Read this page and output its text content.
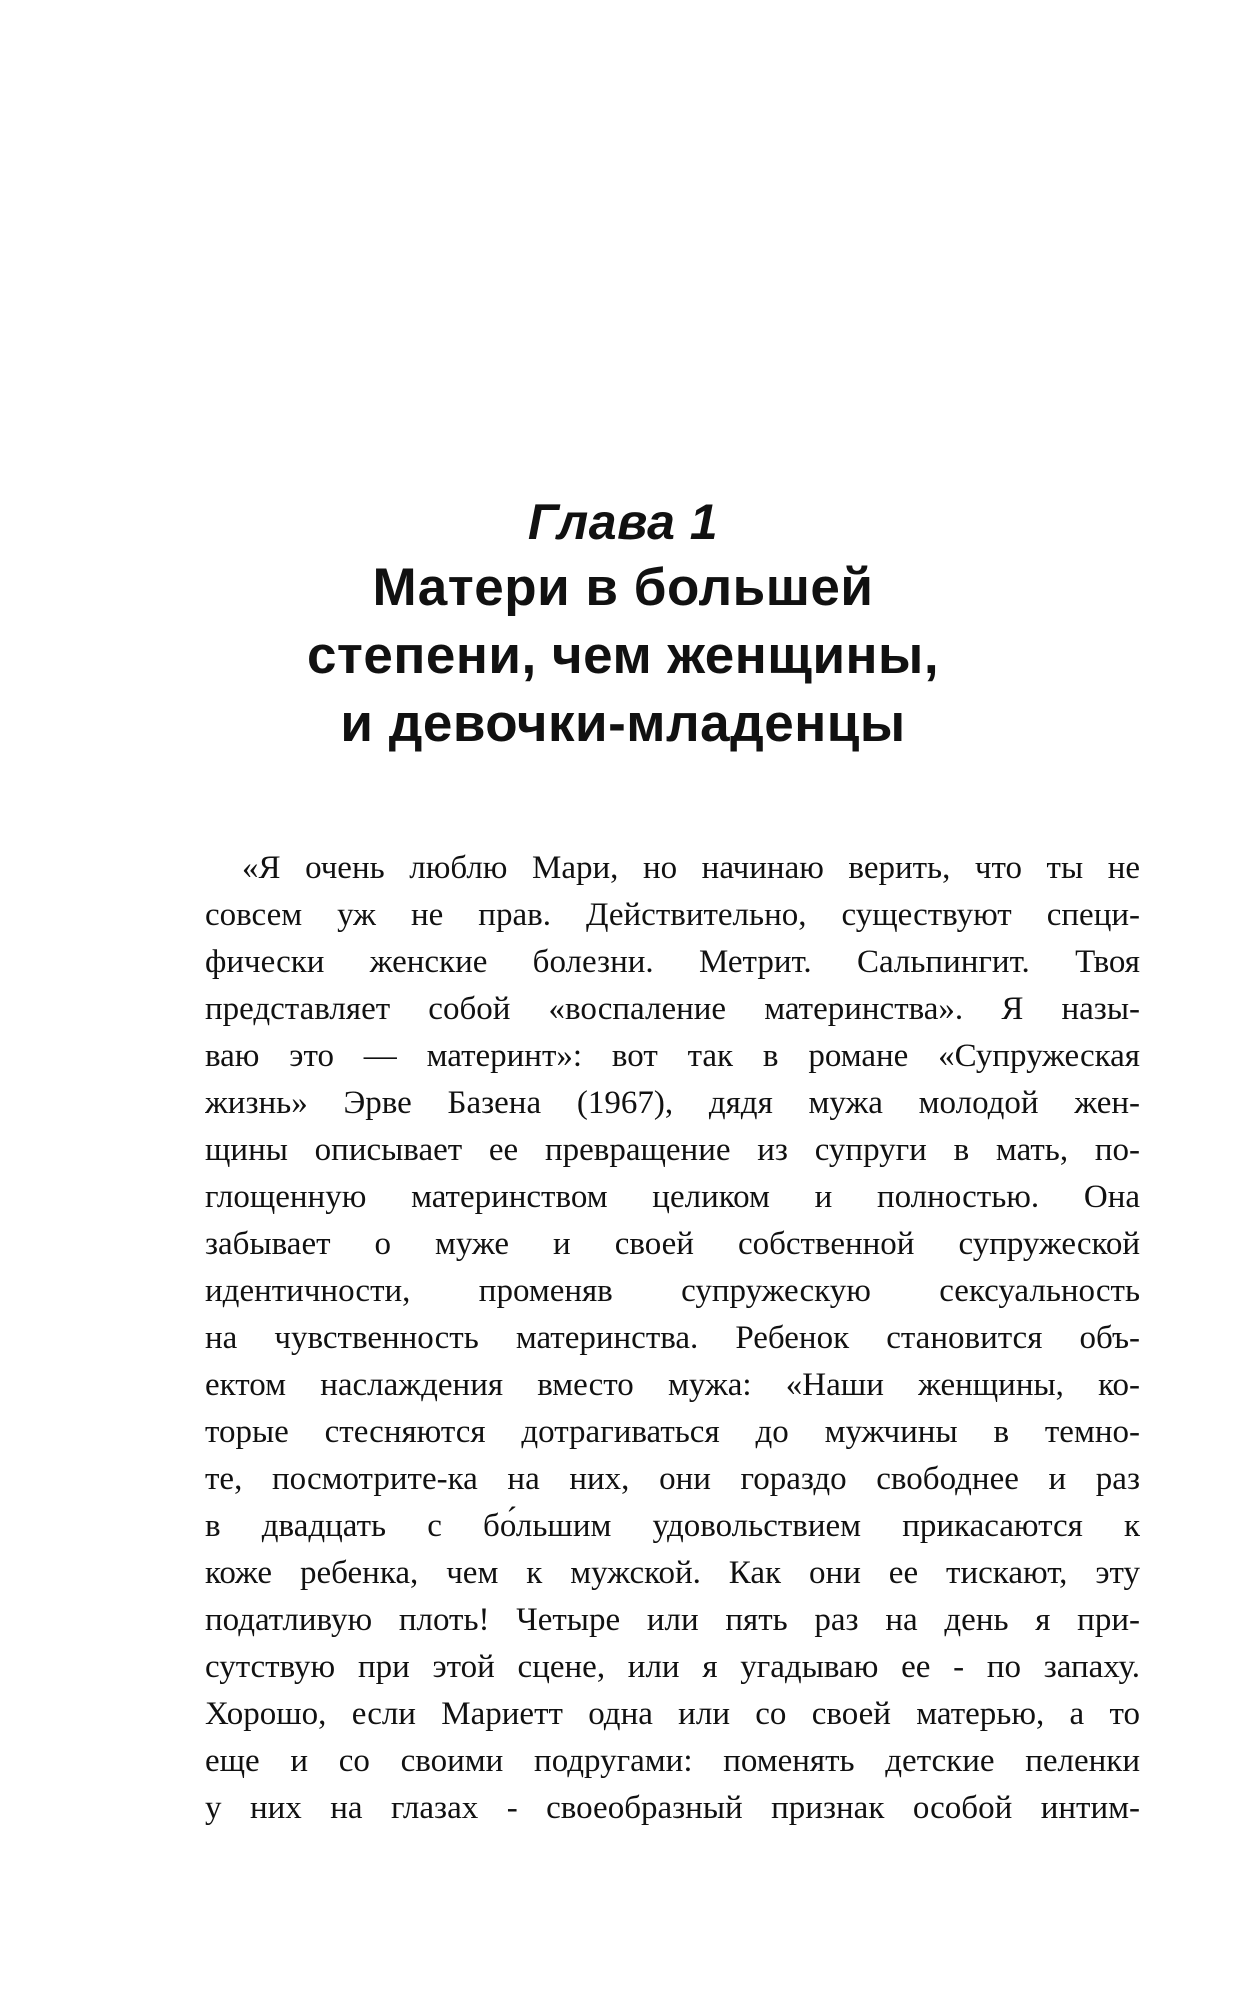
Глава 1
Матери в большей
степени, чем женщины,
и девочки-младенцы
«Я очень люблю Мари, но начинаю верить, что ты не
совсем уж не прав. Действительно, существуют специ-
фически женские болезни. Метрит. Сальпингит. Твоя
представляет собой «воспаление материнства». Я назы-
ваю это — материнт»: вот так в романе «Супружеская
жизнь» Эрве Базена (1967), дядя мужа молодой жен-
щины описывает ее превращение из супруги в мать, по-
глощенную материнством целиком и полностью. Она
забывает о муже и своей собственной супружеской
идентичности, променяв супружескую сексуальность
на чувственность материнства. Ребенок становится объ-
ектом наслаждения вместо мужа: «Наши женщины, ко-
торые стесняются дотрагиваться до мужчины в темно-
те, посмотрите-ка на них, они гораздо свободнее и раз
в двадцать с бо́льшим удовольствием прикасаются к
коже ребенка, чем к мужской. Как они ее тискают, эту
податливую плоть! Четыре или пять раз на день я при-
сутствую при этой сцене, или я угадываю ее - по запаху.
Хорошо, если Мариетт одна или со своей матерью, а то
еще и со своими подругами: поменять детские пеленки
у них на глазах - своеобразный признак особой интим-
